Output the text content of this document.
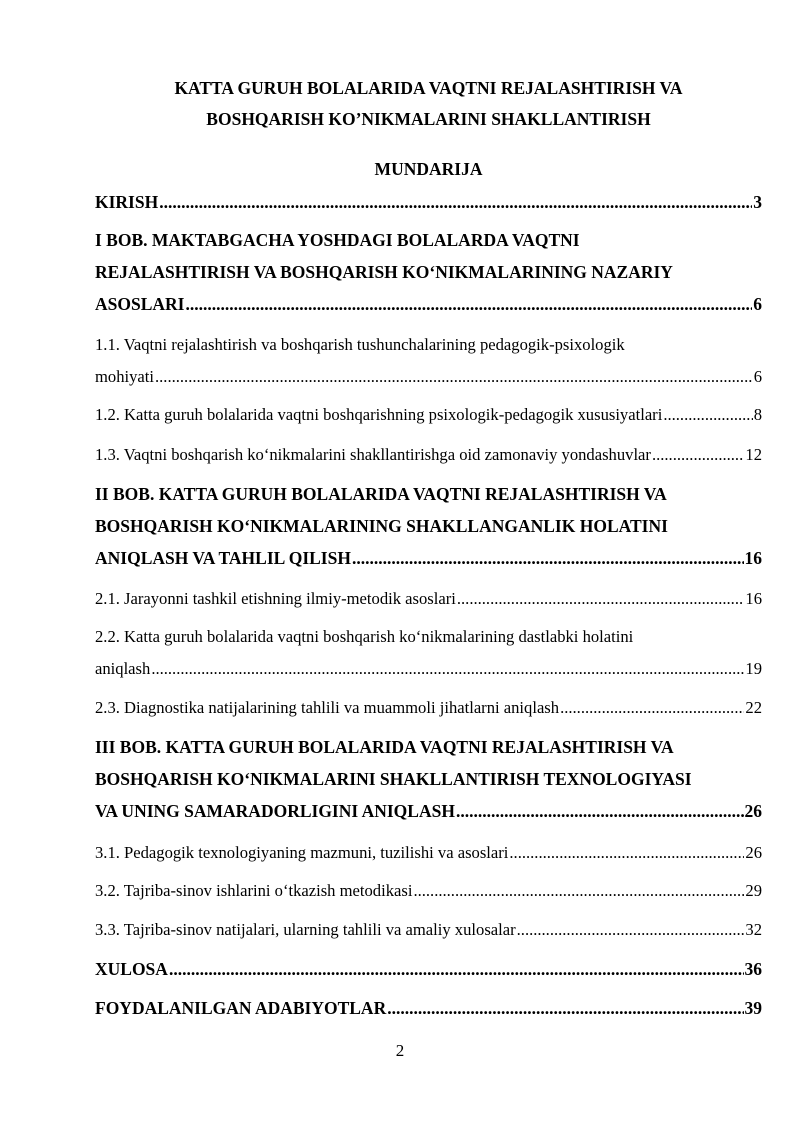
KATTA GURUH BOLALARIDA VAQTNI REJALASHTIRISH VA
BOSHQARISH KO’NIKMALARINI SHAKLLANTIRISH
MUNDARIJA
KIRISH .....	3
I BOB. MAKTABGACHA YOSHDAGI BOLALARDA VAQTNI
REJALASHTIRISH VA BOSHQARISH KO‘NIKMALARINING NAZARIY
ASOSLARI .....	6
1.1. Vaqtni rejalashtirish va boshqarish tushunchalarining pedagogik-psixologik
mohiyati .....	6
1.2. Katta guruh bolalarida vaqtni boshqarishning psixologik-pedagogik xususiyatlari .....	8
1.3. Vaqtni boshqarish ko‘nikmalarini shakllantirishga oid zamonaviy yondashuvlar .....	12
II BOB. KATTA GURUH BOLALARIDA VAQTNI REJALASHTIRISH VA
BOSHQARISH KO‘NIKMALARINING SHAKLLANGANLIK HOLATINI
ANIQLASH VA TAHLIL QILISH .....	16
2.1. Jarayonni tashkil etishning ilmiy-metodik asoslari .....	16
2.2. Katta guruh bolalarida vaqtni boshqarish ko‘nikmalarining dastlabki holatini
aniqlash .....	19
2.3. Diagnostika natijalarining tahlili va muammoli jihatlarni aniqlash .....	22
III BOB. KATTA GURUH BOLALARIDA VAQTNI REJALASHTIRISH VA
BOSHQARISH KO‘NIKMALARINI SHAKLLANTIRISH TEXNOLOGIYASI
VA UNING SAMARADORLIGINI ANIQLASH .....	26
3.1. Pedagogik texnologiyaning mazmuni, tuzilishi va asoslari .....	26
3.2. Tajriba-sinov ishlarini o‘tkazish metodikasi .....	29
3.3. Tajriba-sinov natijalari, ularning tahlili va amaliy xulosalar .....	32
XULOSA .....	36
FOYDALANILGAN ADABIYOTLAR .....	39
2
